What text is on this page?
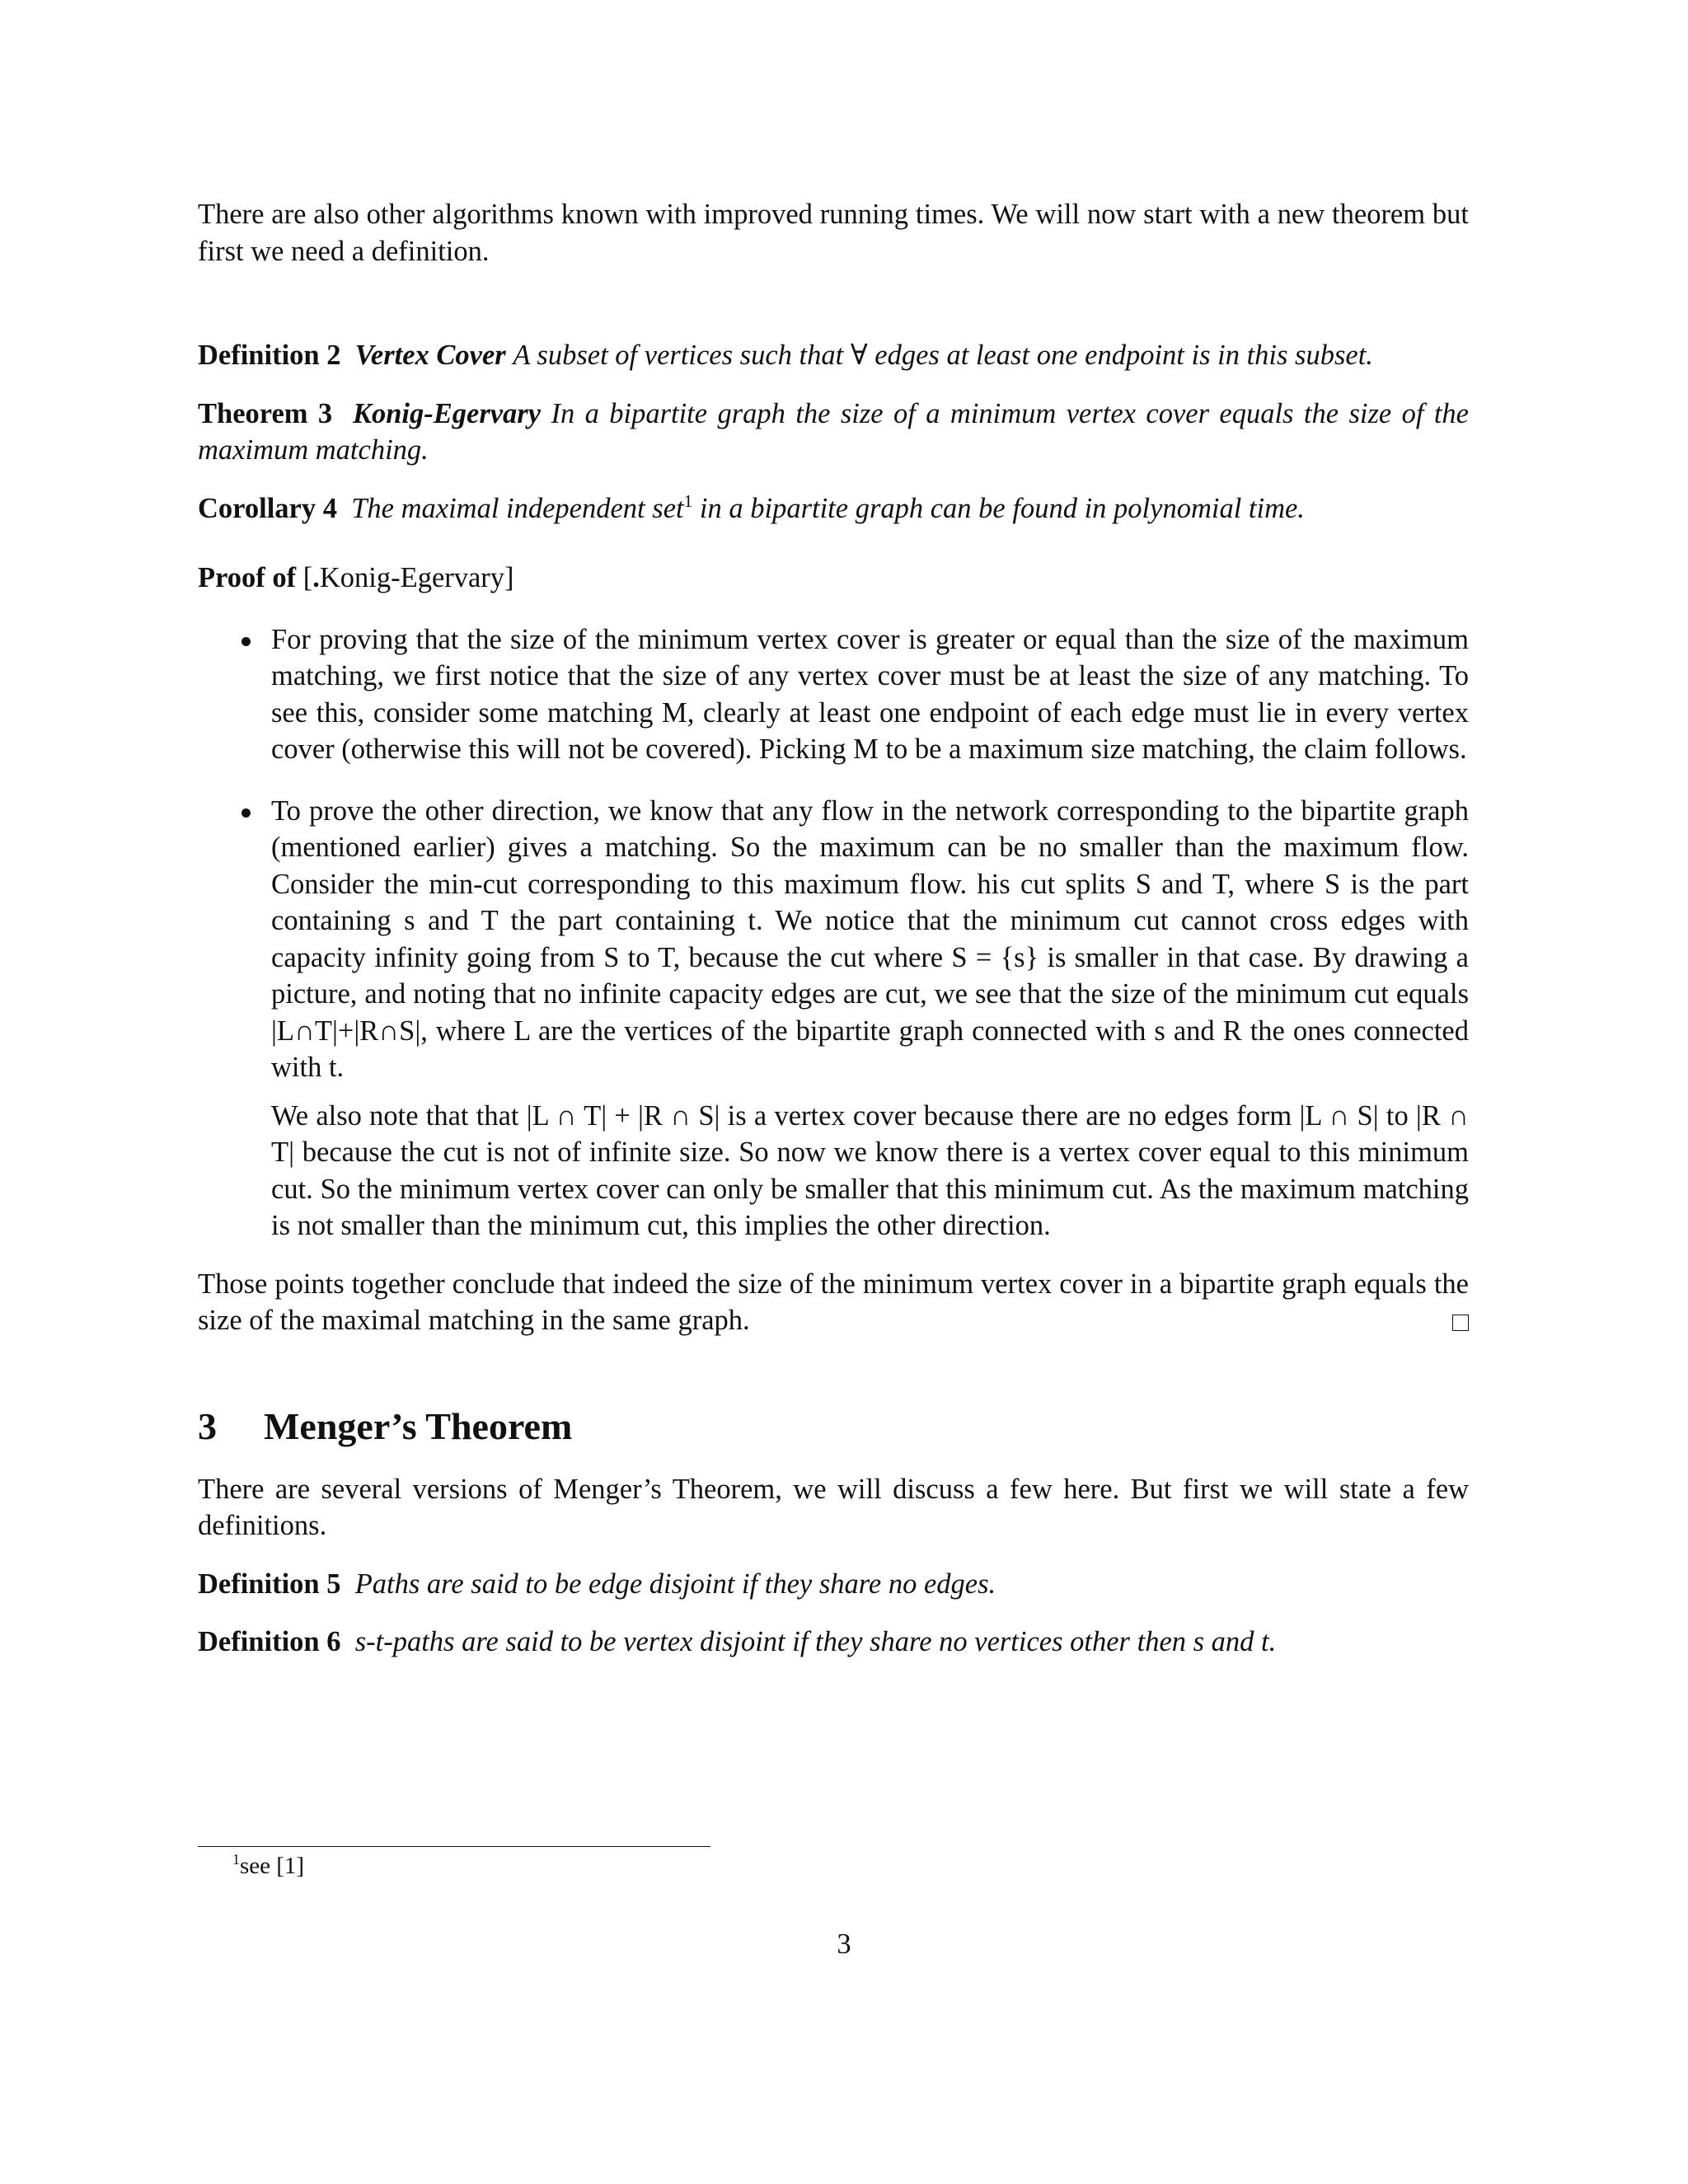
There are also other algorithms known with improved running times. We will now start with a new theorem but first we need a definition.

Definition 2 Vertex Cover A subset of vertices such that ∀ edges at least one endpoint is in this subset.

Theorem 3 Konig-Egervary In a bipartite graph the size of a minimum vertex cover equals the size of the maximum matching.

Corollary 4 The maximal independent set$^1$ in a bipartite graph can be found in polynomial time.

Proof of [.Konig-Egervary]

For proving that the size of the minimum vertex cover is greater or equal than the size of the maximum matching, we first notice that the size of any vertex cover must be at least the size of any matching. To see this, consider some matching M, clearly at least one endpoint of each edge must lie in every vertex cover (otherwise this will not be covered). Picking M to be a maximum size matching, the claim follows.

To prove the other direction, we know that any flow in the network corresponding to the bipartite graph (mentioned earlier) gives a matching. So the maximum can be no smaller than the maximum flow. Consider the min-cut corresponding to this maximum flow. his cut splits S and T, where S is the part containing s and T the part containing t. We notice that the minimum cut cannot cross edges with capacity infinity going from S to T, because the cut where S = {s} is smaller in that case. By drawing a picture, and noting that no infinite capacity edges are cut, we see that the size of the minimum cut equals |L∩T|+|R∩S|, where L are the vertices of the bipartite graph connected with s and R the ones connected with t.

We also note that that |L ∩ T| + |R ∩ S| is a vertex cover because there are no edges form |L ∩ S| to |R ∩ T| because the cut is not of infinite size. So now we know there is a vertex cover equal to this minimum cut. So the minimum vertex cover can only be smaller that this minimum cut. As the maximum matching is not smaller than the minimum cut, this implies the other direction.

Those points together conclude that indeed the size of the minimum vertex cover in a bipartite graph equals the size of the maximal matching in the same graph.

3 Menger’s Theorem

There are several versions of Menger’s Theorem, we will discuss a few here. But first we will state a few definitions.

Definition 5 Paths are said to be edge disjoint if they share no edges.

Definition 6 s-t-paths are said to be vertex disjoint if they share no vertices other then s and t.

$^1$see [1]
3
